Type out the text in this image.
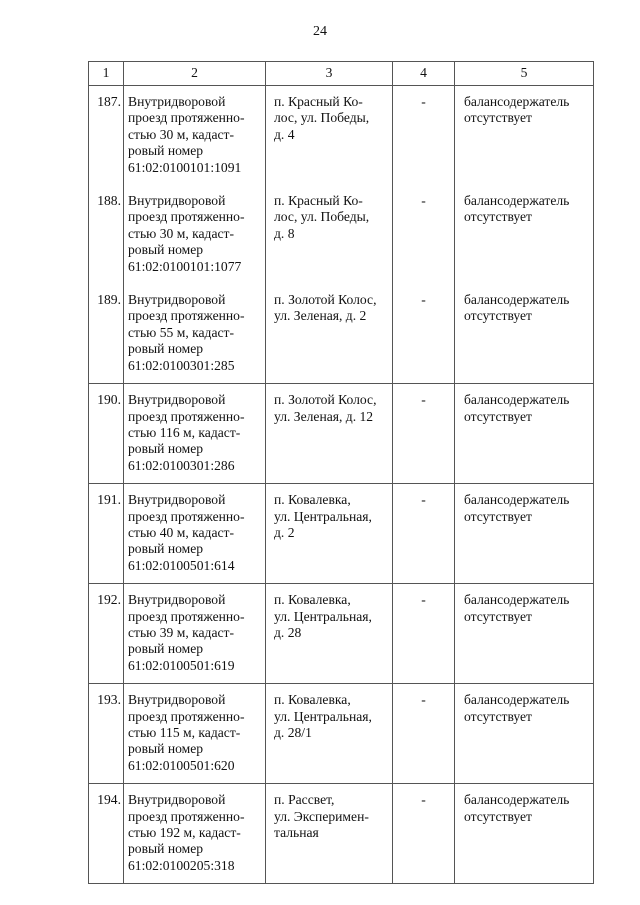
24
1	2	3	4	5

187.	Внутридворовой
проезд протяженно-
стью 30 м, кадаст-
ровый номер
61:02:0100101:1091	п. Красный Ко-
лос, ул. Победы,
д. 4	-	балансодержатель
отсутствует

188.	Внутридворовой
проезд протяженно-
стью 30 м, кадаст-
ровый номер
61:02:0100101:1077	п. Красный Ко-
лос, ул. Победы,
д. 8	-	балансодержатель
отсутствует

189.	Внутридворовой
проезд протяженно-
стью 55 м, кадаст-
ровый номер
61:02:0100301:285	п. Золотой Колос,
ул. Зеленая, д. 2	-	балансодержатель
отсутствует

190.	Внутридворовой
проезд протяженно-
стью 116 м, кадаст-
ровый номер
61:02:0100301:286	п. Золотой Колос,
ул. Зеленая, д. 12	-	балансодержатель
отсутствует

191.	Внутридворовой
проезд протяженно-
стью 40 м, кадаст-
ровый номер
61:02:0100501:614	п. Ковалевка,
ул. Центральная,
д. 2	-	балансодержатель
отсутствует

192.	Внутридворовой
проезд протяженно-
стью 39 м, кадаст-
ровый номер
61:02:0100501:619	п. Ковалевка,
ул. Центральная,
д. 28	-	балансодержатель
отсутствует

193.	Внутридворовой
проезд протяженно-
стью 115 м, кадаст-
ровый номер
61:02:0100501:620	п. Ковалевка,
ул. Центральная,
д. 28/1	-	балансодержатель
отсутствует

194.	Внутридворовой
проезд протяженно-
стью 192 м, кадаст-
ровый номер
61:02:0100205:318	п. Рассвет,
ул. Эксперимен-
тальная	-	балансодержатель
отсутствует
